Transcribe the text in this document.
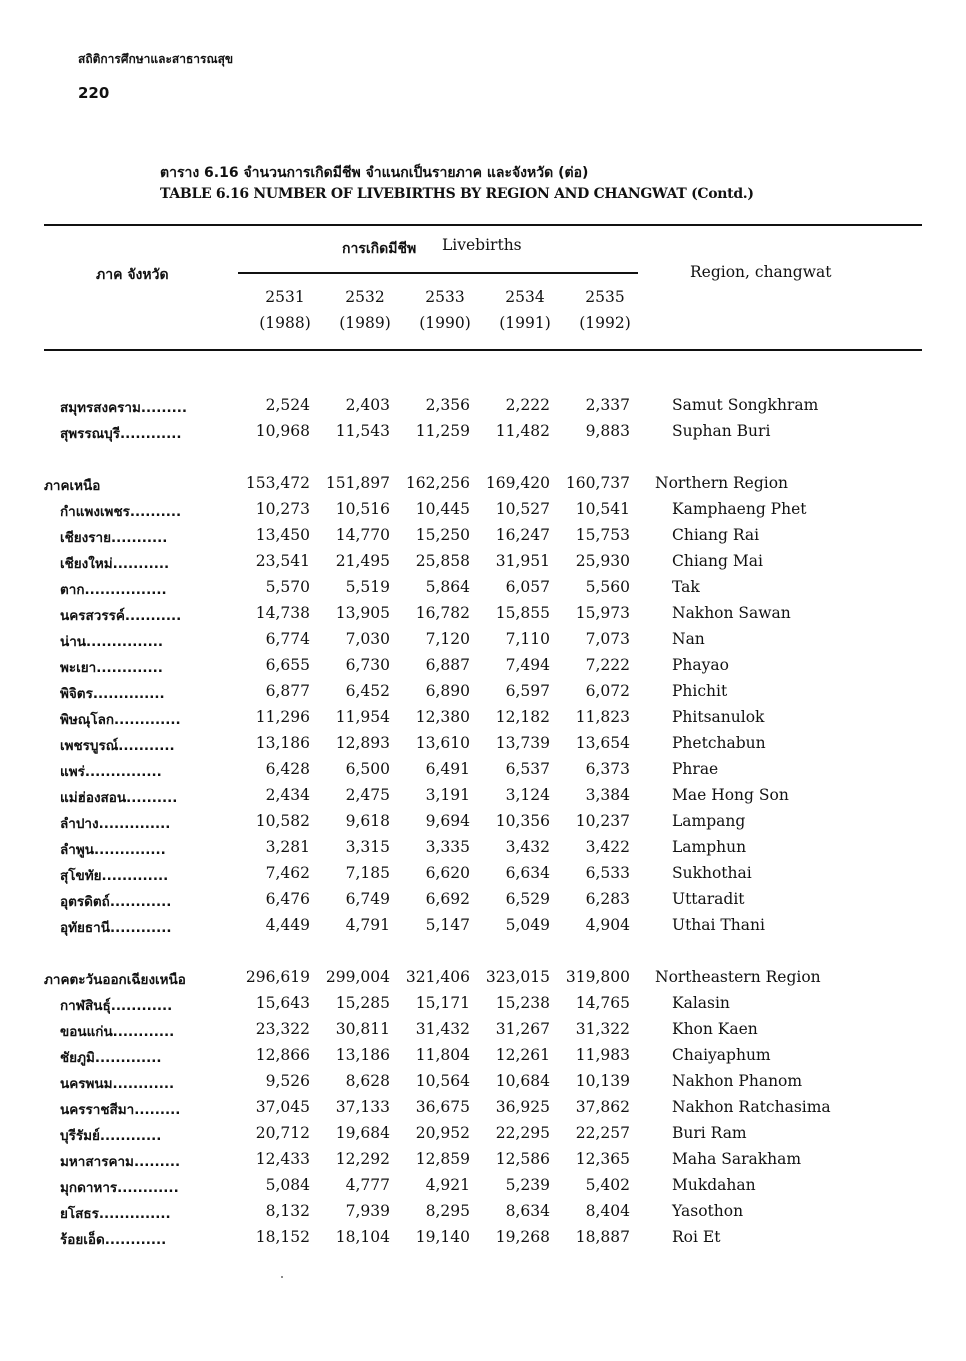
สถิติการศึกษาและสาธารณสุข
220
ตาราง 6.16 จำนวนการเกิดมีชีพ จำแนกเป็นรายภาค และจังหวัด (ต่อ)
TABLE 6.16 NUMBER OF LIVEBIRTHS BY REGION AND CHANGWAT (Contd.)
ภาค จังหวัด
การเกิดมีชีพ Livebirths
Region, changwat
2531	2532	2533	2534	2535
(1988)	(1989)	(1990)	(1991)	(1992)
สมุทรสงคราม.........	2,524	2,403	2,356	2,222	2,337	Samut Songkhram
สุพรรณบุรี............	10,968	11,543	11,259	11,482	9,883	Suphan Buri
ภาคเหนือ	153,472	151,897	162,256	169,420	160,737 Northern Region
กำแพงเพชร..........	10,273	10,516	10,445	10,527	10,541	Kamphaeng Phet
เชียงราย...........	13,450	14,770	15,250	16,247	15,753	Chiang Rai
เชียงใหม่...........	23,541	21,495	25,858	31,951	25,930	Chiang Mai
ตาก................	5,570	5,519	5,864	6,057	5,560	Tak
นครสวรรค์...........	14,738	13,905	16,782	15,855	15,973	Nakhon Sawan
น่าน...............	6,774	7,030	7,120	7,110	7,073	Nan
พะเยา.............	6,655	6,730	6,887	7,494	7,222	Phayao
พิจิตร..............	6,877	6,452	6,890	6,597	6,072	Phichit
พิษณุโลก.............	11,296	11,954	12,380	12,182	11,823	Phitsanulok
เพชรบูรณ์...........	13,186	12,893	13,610	13,739	13,654	Phetchabun
แพร่...............	6,428	6,500	6,491	6,537	6,373	Phrae
แม่ฮ่องสอน..........	2,434	2,475	3,191	3,124	3,384	Mae Hong Son
ลำปาง..............	10,582	9,618	9,694	10,356	10,237	Lampang
ลำพูน..............	3,281	3,315	3,335	3,432	3,422	Lamphun
สุโขทัย.............	7,462	7,185	6,620	6,634	6,533	Sukhothai
อุตรดิตถ์............	6,476	6,749	6,692	6,529	6,283	Uttaradit
อุทัยธานี............	4,449	4,791	5,147	5,049	4,904	Uthai Thani
ภาคตะวันออกเฉียงเหนือ	296,619	299,004	321,406	323,015	319,800 Northeastern Region
กาฬสินธุ์............	15,643	15,285	15,171	15,238	14,765	Kalasin
ขอนแก่น............	23,322	30,811	31,432	31,267	31,322	Khon Kaen
ชัยภูมิ.............	12,866	13,186	11,804	12,261	11,983	Chaiyaphum
นครพนม............	9,526	8,628	10,564	10,684	10,139	Nakhon Phanom
นครราชสีมา.........	37,045	37,133	36,675	36,925	37,862	Nakhon Ratchasima
บุรีรัมย์............	20,712	19,684	20,952	22,295	22,257	Buri Ram
มหาสารคาม.........	12,433	12,292	12,859	12,586	12,365	Maha Sarakham
มุกดาหาร............	5,084	4,777	4,921	5,239	5,402	Mukdahan
ยโสธร..............	8,132	7,939	8,295	8,634	8,404	Yasothon
ร้อยเอ็ด............	18,152	18,104	19,140	19,268	18,887	Roi Et
